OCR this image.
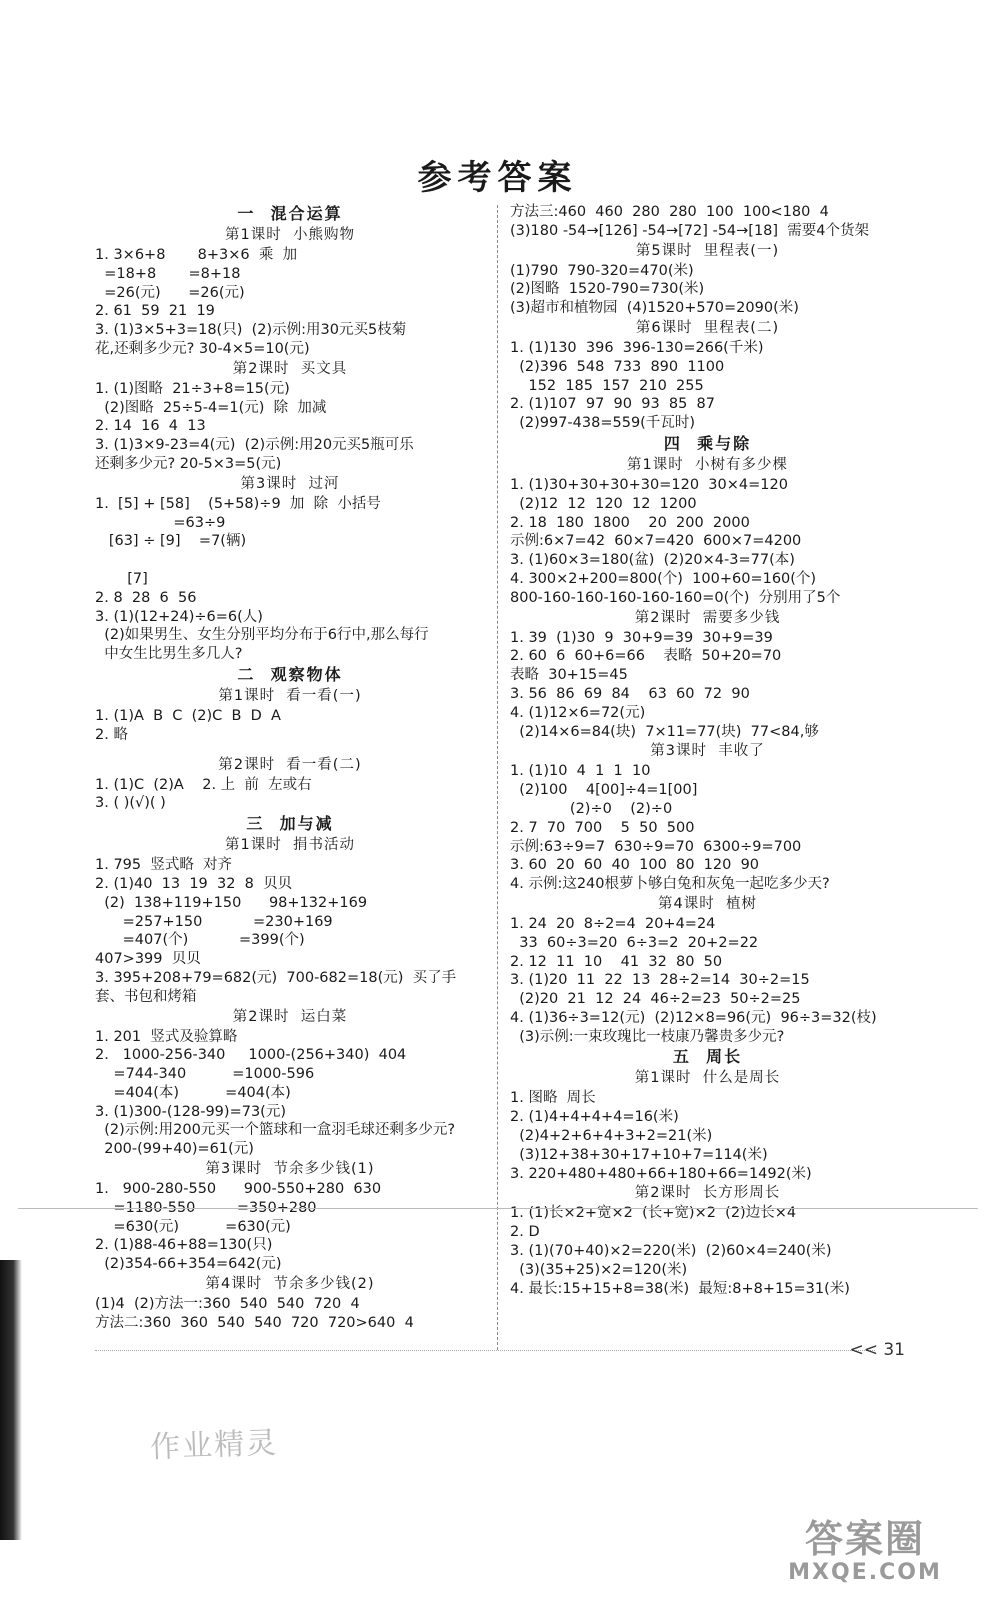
参考答案
一  混合运算
第1课时  小熊购物
1. 3×6+8       8+3×6  乘  加
=18+8       =8+18
=26(元)      =26(元)
2. 61  59  21  19
3. (1)3×5+3=18(只)  (2)示例:用30元买5枝菊
花,还剩多少元? 30-4×5=10(元)
第2课时  买文具
1. (1)图略  21÷3+8=15(元)
(2)图略  25÷5-4=1(元)  除  加减
2. 14  16  4  13
3. (1)3×9-23=4(元)  (2)示例:用20元买5瓶可乐
还剩多少元? 20-5×3=5(元)
第3课时  过河
1.  [5] + [58]    (5+58)÷9  加  除  小括号
=63÷9
[63] ÷ [9]    =7(辆)
[7]
2. 8  28  6  56
3. (1)(12+24)÷6=6(人)
(2)如果男生、女生分别平均分布于6行中,那么每行
中女生比男生多几人?
二  观察物体
第1课时  看一看(一)
1. (1)A  B  C  (2)C  B  D  A
2. 略
第2课时  看一看(二)
1. (1)C  (2)A    2. 上  前  左或右
3. ( )(√)( )
三  加与减
第1课时  捐书活动
1. 795  竖式略  对齐
2. (1)40  13  19  32  8  贝贝
(2)  138+119+150      98+132+169
=257+150           =230+169
=407(个)           =399(个)
407>399  贝贝
3. 395+208+79=682(元)  700-682=18(元)  买了手
套、书包和烤箱
第2课时  运白菜
1. 201  竖式及验算略
2.   1000-256-340     1000-(256+340)  404
=744-340          =1000-596
=404(本)          =404(本)
3. (1)300-(128-99)=73(元)
(2)示例:用200元买一个篮球和一盒羽毛球还剩多少元?
200-(99+40)=61(元)
第3课时  节余多少钱(1)
1.   900-280-550      900-550+280  630
=1180-550         =350+280
=630(元)          =630(元)
2. (1)88-46+88=130(只)
(2)354-66+354=642(元)
第4课时  节余多少钱(2)
(1)4  (2)方法一:360  540  540  720  4
方法二:360  360  540  540  720  720>640  4
方法三:460  460  280  280  100  100<180  4
(3)180 -54→[126] -54→[72] -54→[18]  需要4个货架
第5课时  里程表(一)
(1)790  790-320=470(米)
(2)图略  1520-790=730(米)
(3)超市和植物园  (4)1520+570=2090(米)
第6课时  里程表(二)
1. (1)130  396  396-130=266(千米)
(2)396  548  733  890  1100
152  185  157  210  255
2. (1)107  97  90  93  85  87
(2)997-438=559(千瓦时)
四  乘与除
第1课时  小树有多少棵
1. (1)30+30+30+30=120  30×4=120
(2)12  12  120  12  1200
2. 18  180  1800    20  200  2000
示例:6×7=42  60×7=420  600×7=4200
3. (1)60×3=180(盆)  (2)20×4-3=77(本)
4. 300×2+200=800(个)  100+60=160(个)
800-160-160-160-160-160=0(个)  分别用了5个
第2课时  需要多少钱
1. 39  (1)30  9  30+9=39  30+9=39
2. 60  6  60+6=66    表略  50+20=70
表略  30+15=45
3. 56  86  69  84    63  60  72  90
4. (1)12×6=72(元)
(2)14×6=84(块)  7×11=77(块)  77<84,够
第3课时  丰收了
1. (1)10  4  1  1  10
(2)100    4[00]÷4=1[00]
(2)÷0    (2)÷0
2. 7  70  700    5  50  500
示例:63÷9=7  630÷9=70  6300÷9=700
3. 60  20  60  40  100  80  120  90
4. 示例:这240根萝卜够白兔和灰兔一起吃多少天?
第4课时  植树
1. 24  20  8÷2=4  20+4=24
33  60÷3=20  6÷3=2  20+2=22
2. 12  11  10    41  32  80  50
3. (1)20  11  22  13  28÷2=14  30÷2=15
(2)20  21  12  24  46÷2=23  50÷2=25
4. (1)36÷3=12(元)  (2)12×8=96(元)  96÷3=32(枝)
(3)示例:一束玫瑰比一枝康乃馨贵多少元?
五  周长
第1课时  什么是周长
1. 图略  周长
2. (1)4+4+4+4=16(米)
(2)4+2+6+4+3+2=21(米)
(3)12+38+30+17+10+7=114(米)
3. 220+480+480+66+180+66=1492(米)
第2课时  长方形周长
1. (1)长×2+宽×2  (长+宽)×2  (2)边长×4
2. D
3. (1)(70+40)×2=220(米)  (2)60×4=240(米)
(3)(35+25)×2=120(米)
4. 最长:15+15+8=38(米)  最短:8+8+15=31(米)
<< 31
作业精灵
答案圈
MXQE.COM
